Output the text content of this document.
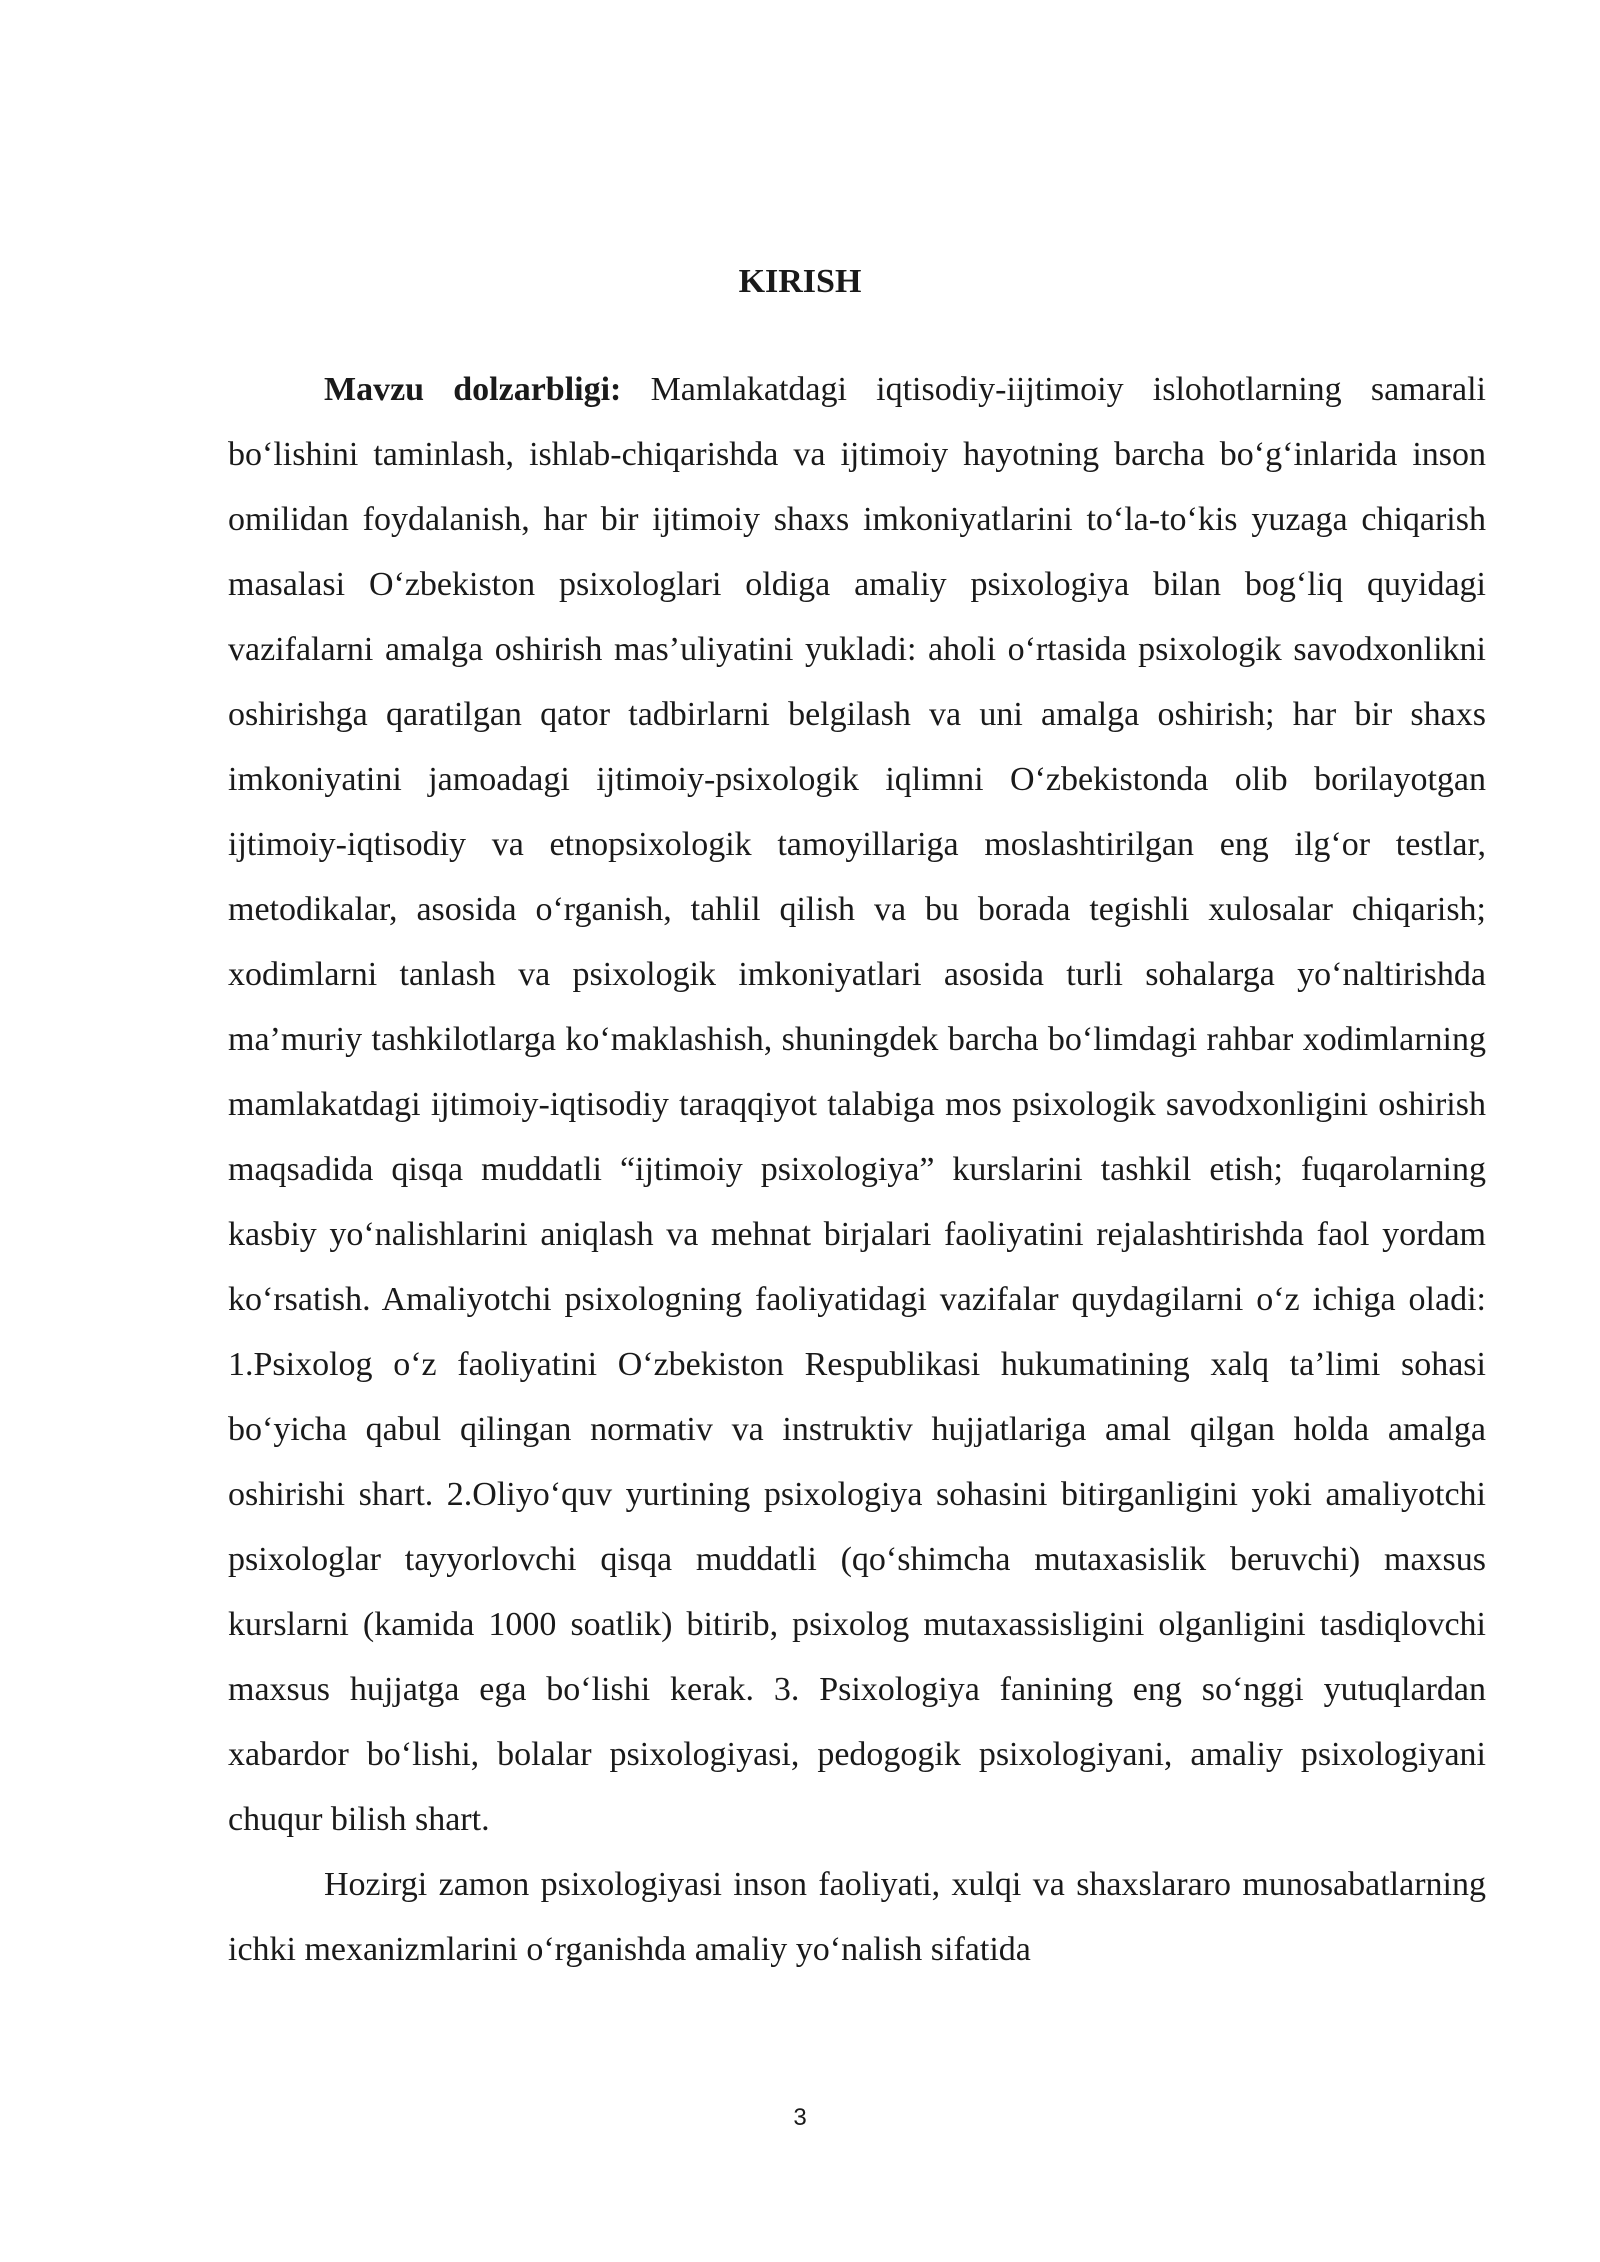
KIRISH

Mavzu dolzarbligi: Mamlakatdagi iqtisodiy-iijtimoiy islohotlarning samarali bo‘lishini taminlash, ishlab-chiqarishda va ijtimoiy hayotning barcha bo‘g‘inlarida inson omilidan foydalanish, har bir ijtimoiy shaxs imkoniyatlarini to‘la-to‘kis yuzaga chiqarish masalasi O‘zbekiston psixologlari oldiga amaliy psixologiya bilan bog‘liq quyidagi vazifalarni amalga oshirish mas’uliyatini yukladi: aholi o‘rtasida psixologik savodxonlikni oshirishga qaratilgan qator tadbirlarni belgilash va uni amalga oshirish; har bir shaxs imkoniyatini jamoadagi ijtimoiy-psixologik iqlimni O‘zbekistonda olib borilayotgan ijtimoiy-iqtisodiy va etnopsixologik tamoyillariga moslashtirilgan eng ilg‘or testlar, metodikalar, asosida o‘rganish, tahlil qilish va bu borada tegishli xulosalar chiqarish; xodimlarni tanlash va psixologik imkoniyatlari asosida turli sohalarga yo‘naltirishda ma’muriy tashkilotlarga ko‘maklashish, shuningdek barcha bo‘limdagi rahbar xodimlarning mamlakatdagi ijtimoiy-iqtisodiy taraqqiyot talabiga mos psixologik savodxonligini oshirish maqsadida qisqa muddatli “ijtimoiy psixologiya” kurslarini tashkil etish; fuqarolarning kasbiy yo‘nalishlarini aniqlash va mehnat birjalari faoliyatini rejalashtirishda faol yordam ko‘rsatish. Amaliyotchi psixologning faoliyatidagi vazifalar quydagilarni o‘z ichiga oladi: 1.Psixolog o‘z faoliyatini O‘zbekiston Respublikasi hukumatining xalq ta’limi sohasi bo‘yicha qabul qilingan normativ va instruktiv hujjatlariga amal qilgan holda amalga oshirishi shart. 2.Oliyo‘quv yurtining psixologiya sohasini bitirganligini yoki amaliyotchi psixologlar tayyorlovchi qisqa muddatli (qo‘shimcha mutaxasislik beruvchi) maxsus kurslarni (kamida 1000 soatlik) bitirib, psixolog mutaxassisligini olganligini tasdiqlovchi maxsus hujjatga ega bo‘lishi kerak. 3. Psixologiya fanining eng so‘nggi yutuqlardan xabardor bo‘lishi, bolalar psixologiyasi, pedogogik psixologiyani, amaliy psixologiyani chuqur bilish shart.

Hozirgi zamon psixologiyasi inson faoliyati, xulqi va shaxslararo munosabatlarning ichki mexanizmlarini o‘rganishda amaliy yo‘nalish sifatida

3
